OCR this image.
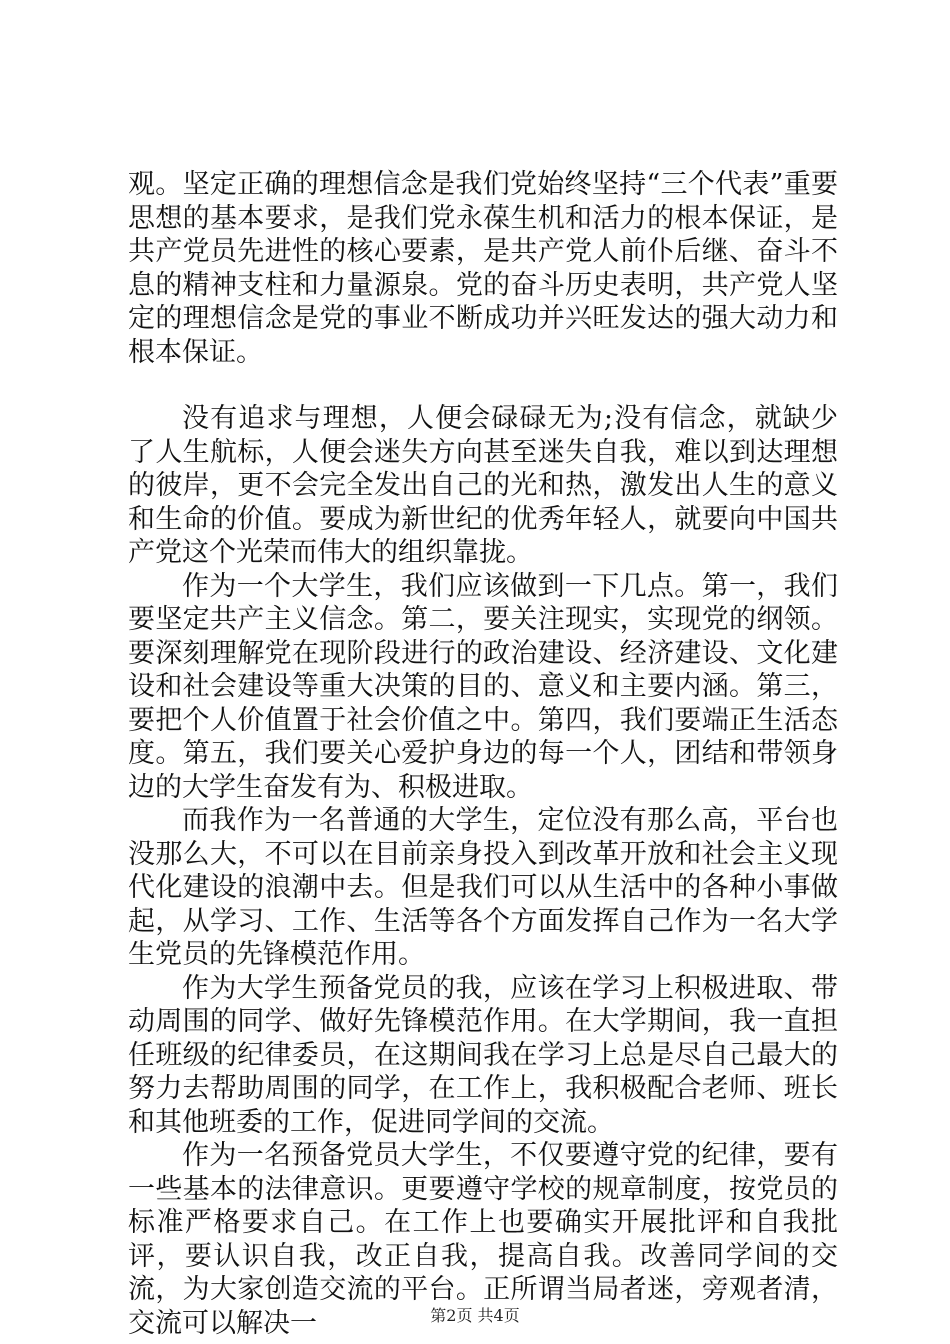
观。坚定正确的理想信念是我们党始终坚持“三个代表”重要思想的基本要求，是我们党永葆生机和活力的根本保证，是共产党员先进性的核心要素，是共产党人前仆后继、奋斗不息的精神支柱和力量源泉。党的奋斗历史表明，共产党人坚定的理想信念是党的事业不断成功并兴旺发达的强大动力和根本保证。

没有追求与理想，人便会碌碌无为;没有信念，就缺少了人生航标，人便会迷失方向甚至迷失自我，难以到达理想的彼岸，更不会完全发出自己的光和热，激发出人生的意义和生命的价值。要成为新世纪的优秀年轻人，就要向中国共产党这个光荣而伟大的组织靠拢。

作为一个大学生，我们应该做到一下几点。第一，我们要坚定共产主义信念。第二，要关注现实，实现党的纲领。要深刻理解党在现阶段进行的政治建设、经济建设、文化建设和社会建设等重大决策的目的、意义和主要内涵。第三，要把个人价值置于社会价值之中。第四，我们要端正生活态度。第五，我们要关心爱护身边的每一个人，团结和带领身边的大学生奋发有为、积极进取。

而我作为一名普通的大学生，定位没有那么高，平台也没那么大，不可以在目前亲身投入到改革开放和社会主义现代化建设的浪潮中去。但是我们可以从生活中的各种小事做起，从学习、工作、生活等各个方面发挥自己作为一名大学生党员的先锋模范作用。

作为大学生预备党员的我，应该在学习上积极进取、带动周围的同学、做好先锋模范作用。在大学期间，我一直担任班级的纪律委员，在这期间我在学习上总是尽自己最大的努力去帮助周围的同学，在工作上，我积极配合老师、班长和其他班委的工作，促进同学间的交流。

作为一名预备党员大学生，不仅要遵守党的纪律，要有一些基本的法律意识。更要遵守学校的规章制度，按党员的标准严格要求自己。在工作上也要确实开展批评和自我批评，要认识自我，改正自我，提高自我。改善同学间的交流，为大家创造交流的平台。正所谓当局者迷，旁观者清，交流可以解决一	第2页 共4页
